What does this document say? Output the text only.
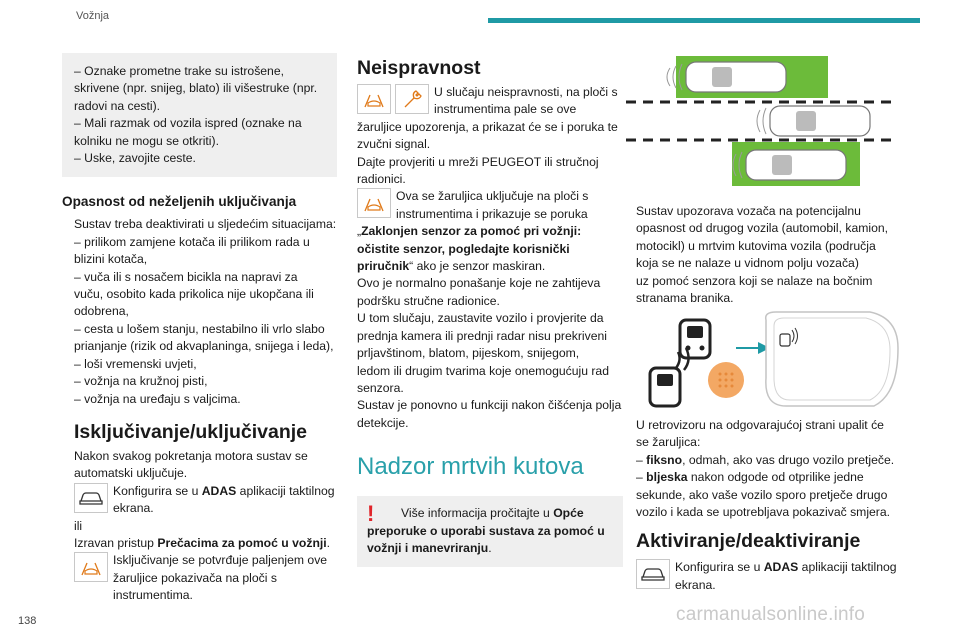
Vožnja
– Oznake prometne trake su istrošene,
skrivene (npr. snijeg, blato) ili višestruke (npr.
radovi na cesti).
– Mali razmak od vozila ispred (oznake na
kolniku ne mogu se otkriti).
– Uske, zavojite ceste.
Opasnost od neželjenih uključivanja
Sustav treba deaktivirati u sljedećim situacijama:
– prilikom zamjene kotača ili prilikom rada u
blizini kotača,
– vuča ili s nosačem bicikla na napravi za
vuču, osobito kada prikolica nije ukopčana ili
odobrena,
– cesta u lošem stanju, nestabilno ili vrlo slabo
prianjanje (rizik od akvaplaninga, snijega i leda),
– loši vremenski uvjeti,
– vožnja na kružnoj pisti,
– vožnja na uređaju s valjcima.
Isključivanje/uključivanje
Nakon svakog pokretanja motora sustav se
automatski uključuje.
Konfigurira se u ADAS aplikaciji taktilnog ekrana.
ili
Izravan pristup Prečacima za pomoć u vožnji.
Isključivanje se potvrđuje paljenjem ove žaruljice pokazivača na ploči s instrumentima.
Neispravnost
U slučaju neispravnosti, na ploči s instrumentima pale se ove
žaruljice upozorenja, a prikazat će se i poruka te
zvučni signal.
Dajte provjeriti u mreži PEUGEOT ili stručnoj
radionici.
Ova se žaruljica uključuje na ploči s instrumentima i prikazuje se poruka
„Zaklonjen senzor za pomoć pri vožnji:
očistite senzor, pogledajte korisnički
priručnik“ ako je senzor maskiran.
Ovo je normalno ponašanje koje ne zahtijeva
podršku stručne radionice.
U tom slučaju, zaustavite vozilo i provjerite da
prednja kamera ili prednji radar nisu prekriveni
prljavštinom, blatom, pijeskom, snijegom,
ledom ili drugim tvarima koje onemogućuju rad
senzora.
Sustav je ponovno u funkciji nakon čišćenja polja
detekcije.
Nadzor mrtvih kutova
!	Više informacija pročitajte u Opće preporuke o uporabi sustava za pomoć u vožnji i manevriranju.
Sustav upozorava vozača na potencijalnu
opasnost od drugog vozila (automobil, kamion,
motocikl) u mrtvim kutovima vozila (područja
koja se ne nalaze u vidnom polju vozača)
uz pomoć senzora koji se nalaze na bočnim
stranama branika.
U retrovizoru na odgovarajućoj strani upalit će
se žaruljica:
– fiksno, odmah, ako vas drugo vozilo pretječe.
– bljeska nakon odgode od otprilike jedne
sekunde, ako vaše vozilo sporo pretječe drugo
vozilo i kada se upotrebljava pokazivač smjera.
Aktiviranje/deaktiviranje
Konfigurira se u ADAS aplikaciji taktilnog ekrana.
138	carmanualsonline.info
